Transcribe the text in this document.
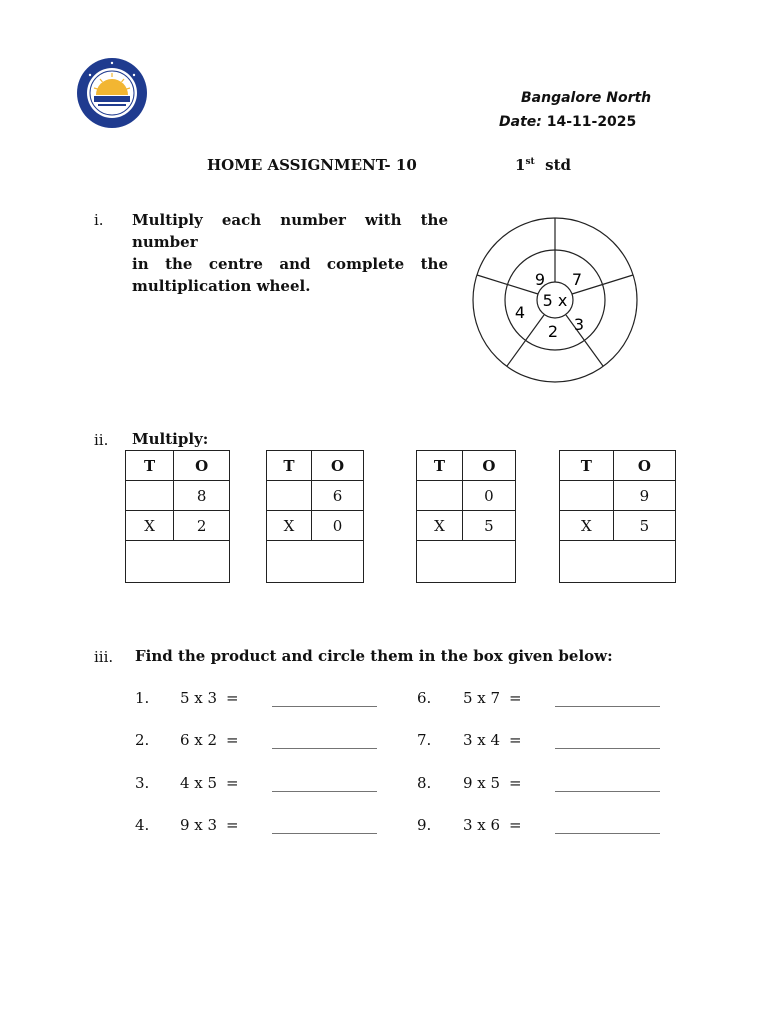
Bangalore North
Date: 14-11-2025
HOME ASSIGNMENT- 10	1st std
i. Multiply each number with the number
in the centre and complete the
multiplication wheel.
5 x
9 7
3
2
4
ii. Multiply:
T	O
	8
X	2

T	O
	6
X	0

T	O
	0
X	5

T	O
	9
X	5

iii. Find the product and circle them in the box given below:
1. 5 x 3 = ______________
2. 6 x 2 = ______________
3. 4 x 5 = ______________
4. 9 x 3 = ______________
6. 5 x 7 = ______________
7. 3 x 4 = ______________
8. 9 x 5 = ______________
9. 3 x 6 = ______________
